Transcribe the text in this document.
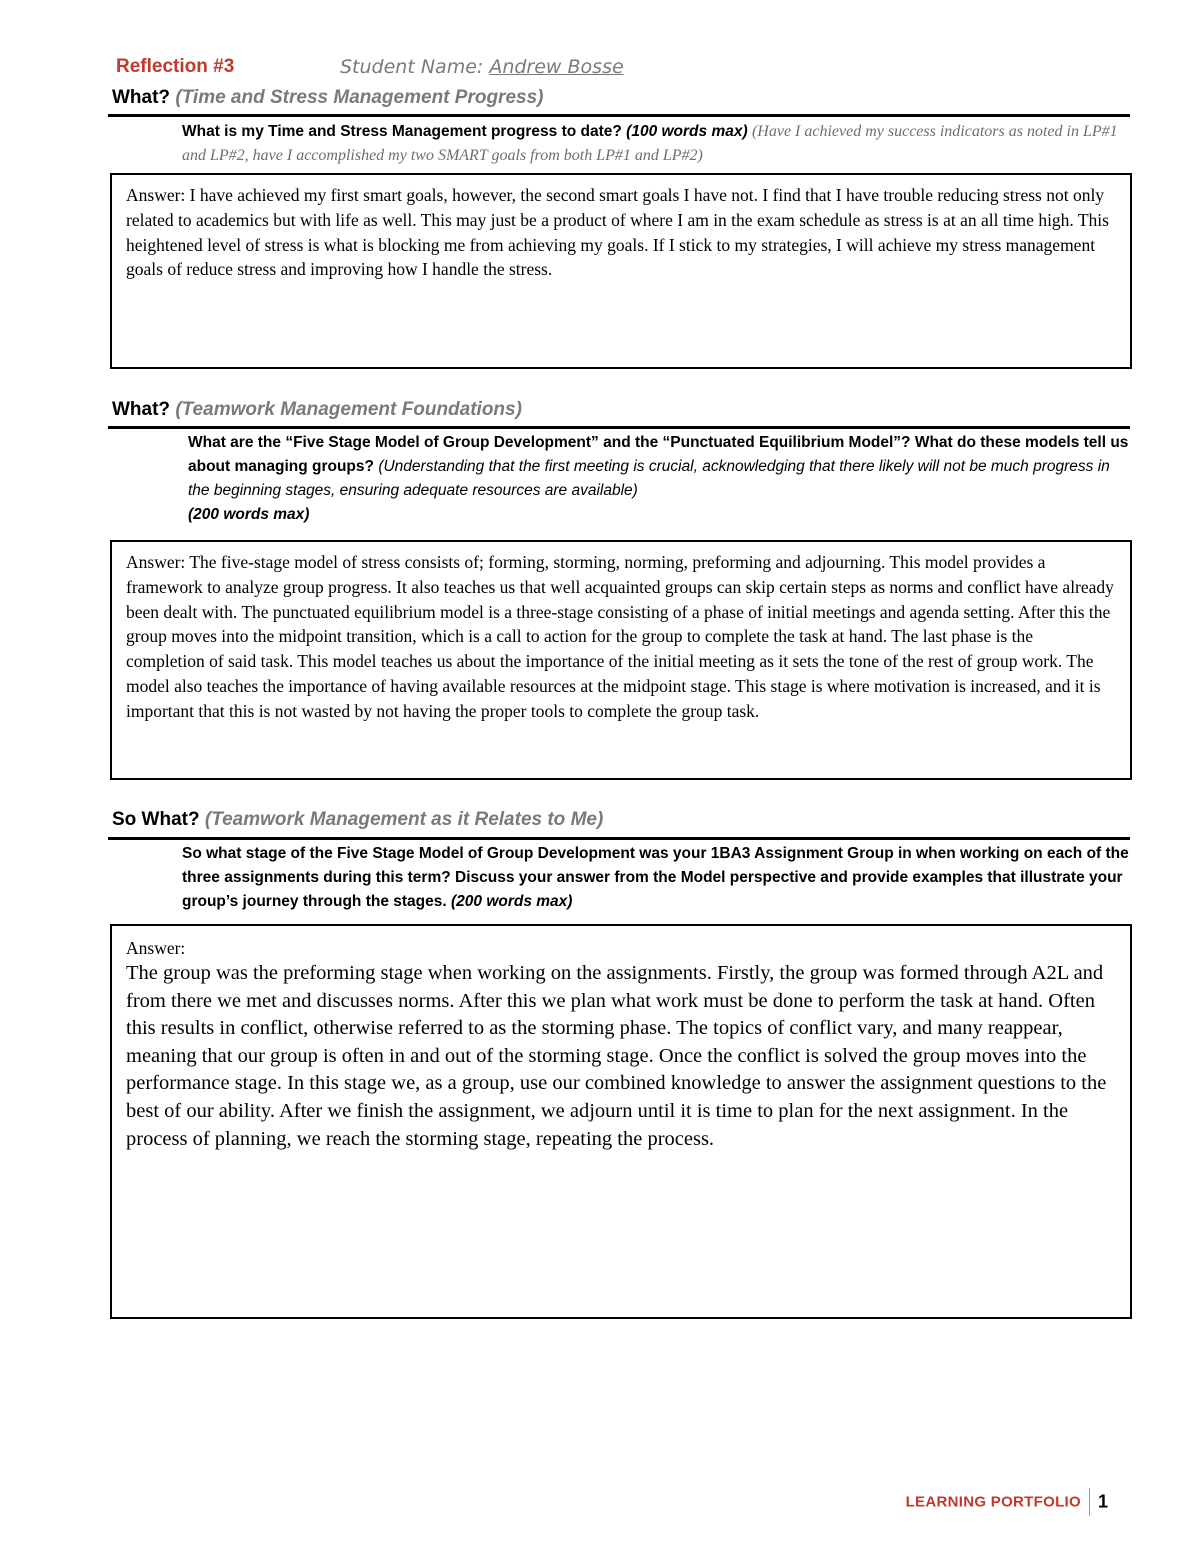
Reflection #3	Student Name: Andrew Bosse
What? (Time and Stress Management Progress)
What is my Time and Stress Management progress to date? (100 words max) (Have I achieved my success indicators as noted in LP#1 and LP#2, have I accomplished my two SMART goals from both LP#1 and LP#2)
Answer: I have achieved my first smart goals, however, the second smart goals I have not. I find that I have trouble reducing stress not only related to academics but with life as well. This may just be a product of where I am in the exam schedule as stress is at an all time high. This heightened level of stress is what is blocking me from achieving my goals. If I stick to my strategies, I will achieve my stress management goals of reduce stress and improving how I handle the stress.
What? (Teamwork Management Foundations)
What are the “Five Stage Model of Group Development” and the “Punctuated Equilibrium Model”? What do these models tell us about managing groups? (Understanding that the first meeting is crucial, acknowledging that there likely will not be much progress in the beginning stages, ensuring adequate resources are available)
(200 words max)
Answer: The five-stage model of stress consists of; forming, storming, norming, preforming and adjourning. This model provides a framework to analyze group progress. It also teaches us that well acquainted groups can skip certain steps as norms and conflict have already been dealt with. The punctuated equilibrium model is a three-stage consisting of a phase of initial meetings and agenda setting. After this the group moves into the midpoint transition, which is a call to action for the group to complete the task at hand. The last phase is the completion of said task. This model teaches us about the importance of the initial meeting as it sets the tone of the rest of group work. The model also teaches the importance of having available resources at the midpoint stage. This stage is where motivation is increased, and it is important that this is not wasted by not having the proper tools to complete the group task.
So What? (Teamwork Management as it Relates to Me)
So what stage of the Five Stage Model of Group Development was your 1BA3 Assignment Group in when working on each of the three assignments during this term? Discuss your answer from the Model perspective and provide examples that illustrate your group’s journey through the stages. (200 words max)
Answer:
The group was the preforming stage when working on the assignments. Firstly, the group was formed through A2L and from there we met and discusses norms. After this we plan what work must be done to perform the task at hand. Often this results in conflict, otherwise referred to as the storming phase. The topics of conflict vary, and many reappear, meaning that our group is often in and out of the storming stage. Once the conflict is solved the group moves into the performance stage. In this stage we, as a group, use our combined knowledge to answer the assignment questions to the best of our ability. After we finish the assignment, we adjourn until it is time to plan for the next assignment. In the process of planning, we reach the storming stage, repeating the process.
LEARNING PORTFOLIO 1
